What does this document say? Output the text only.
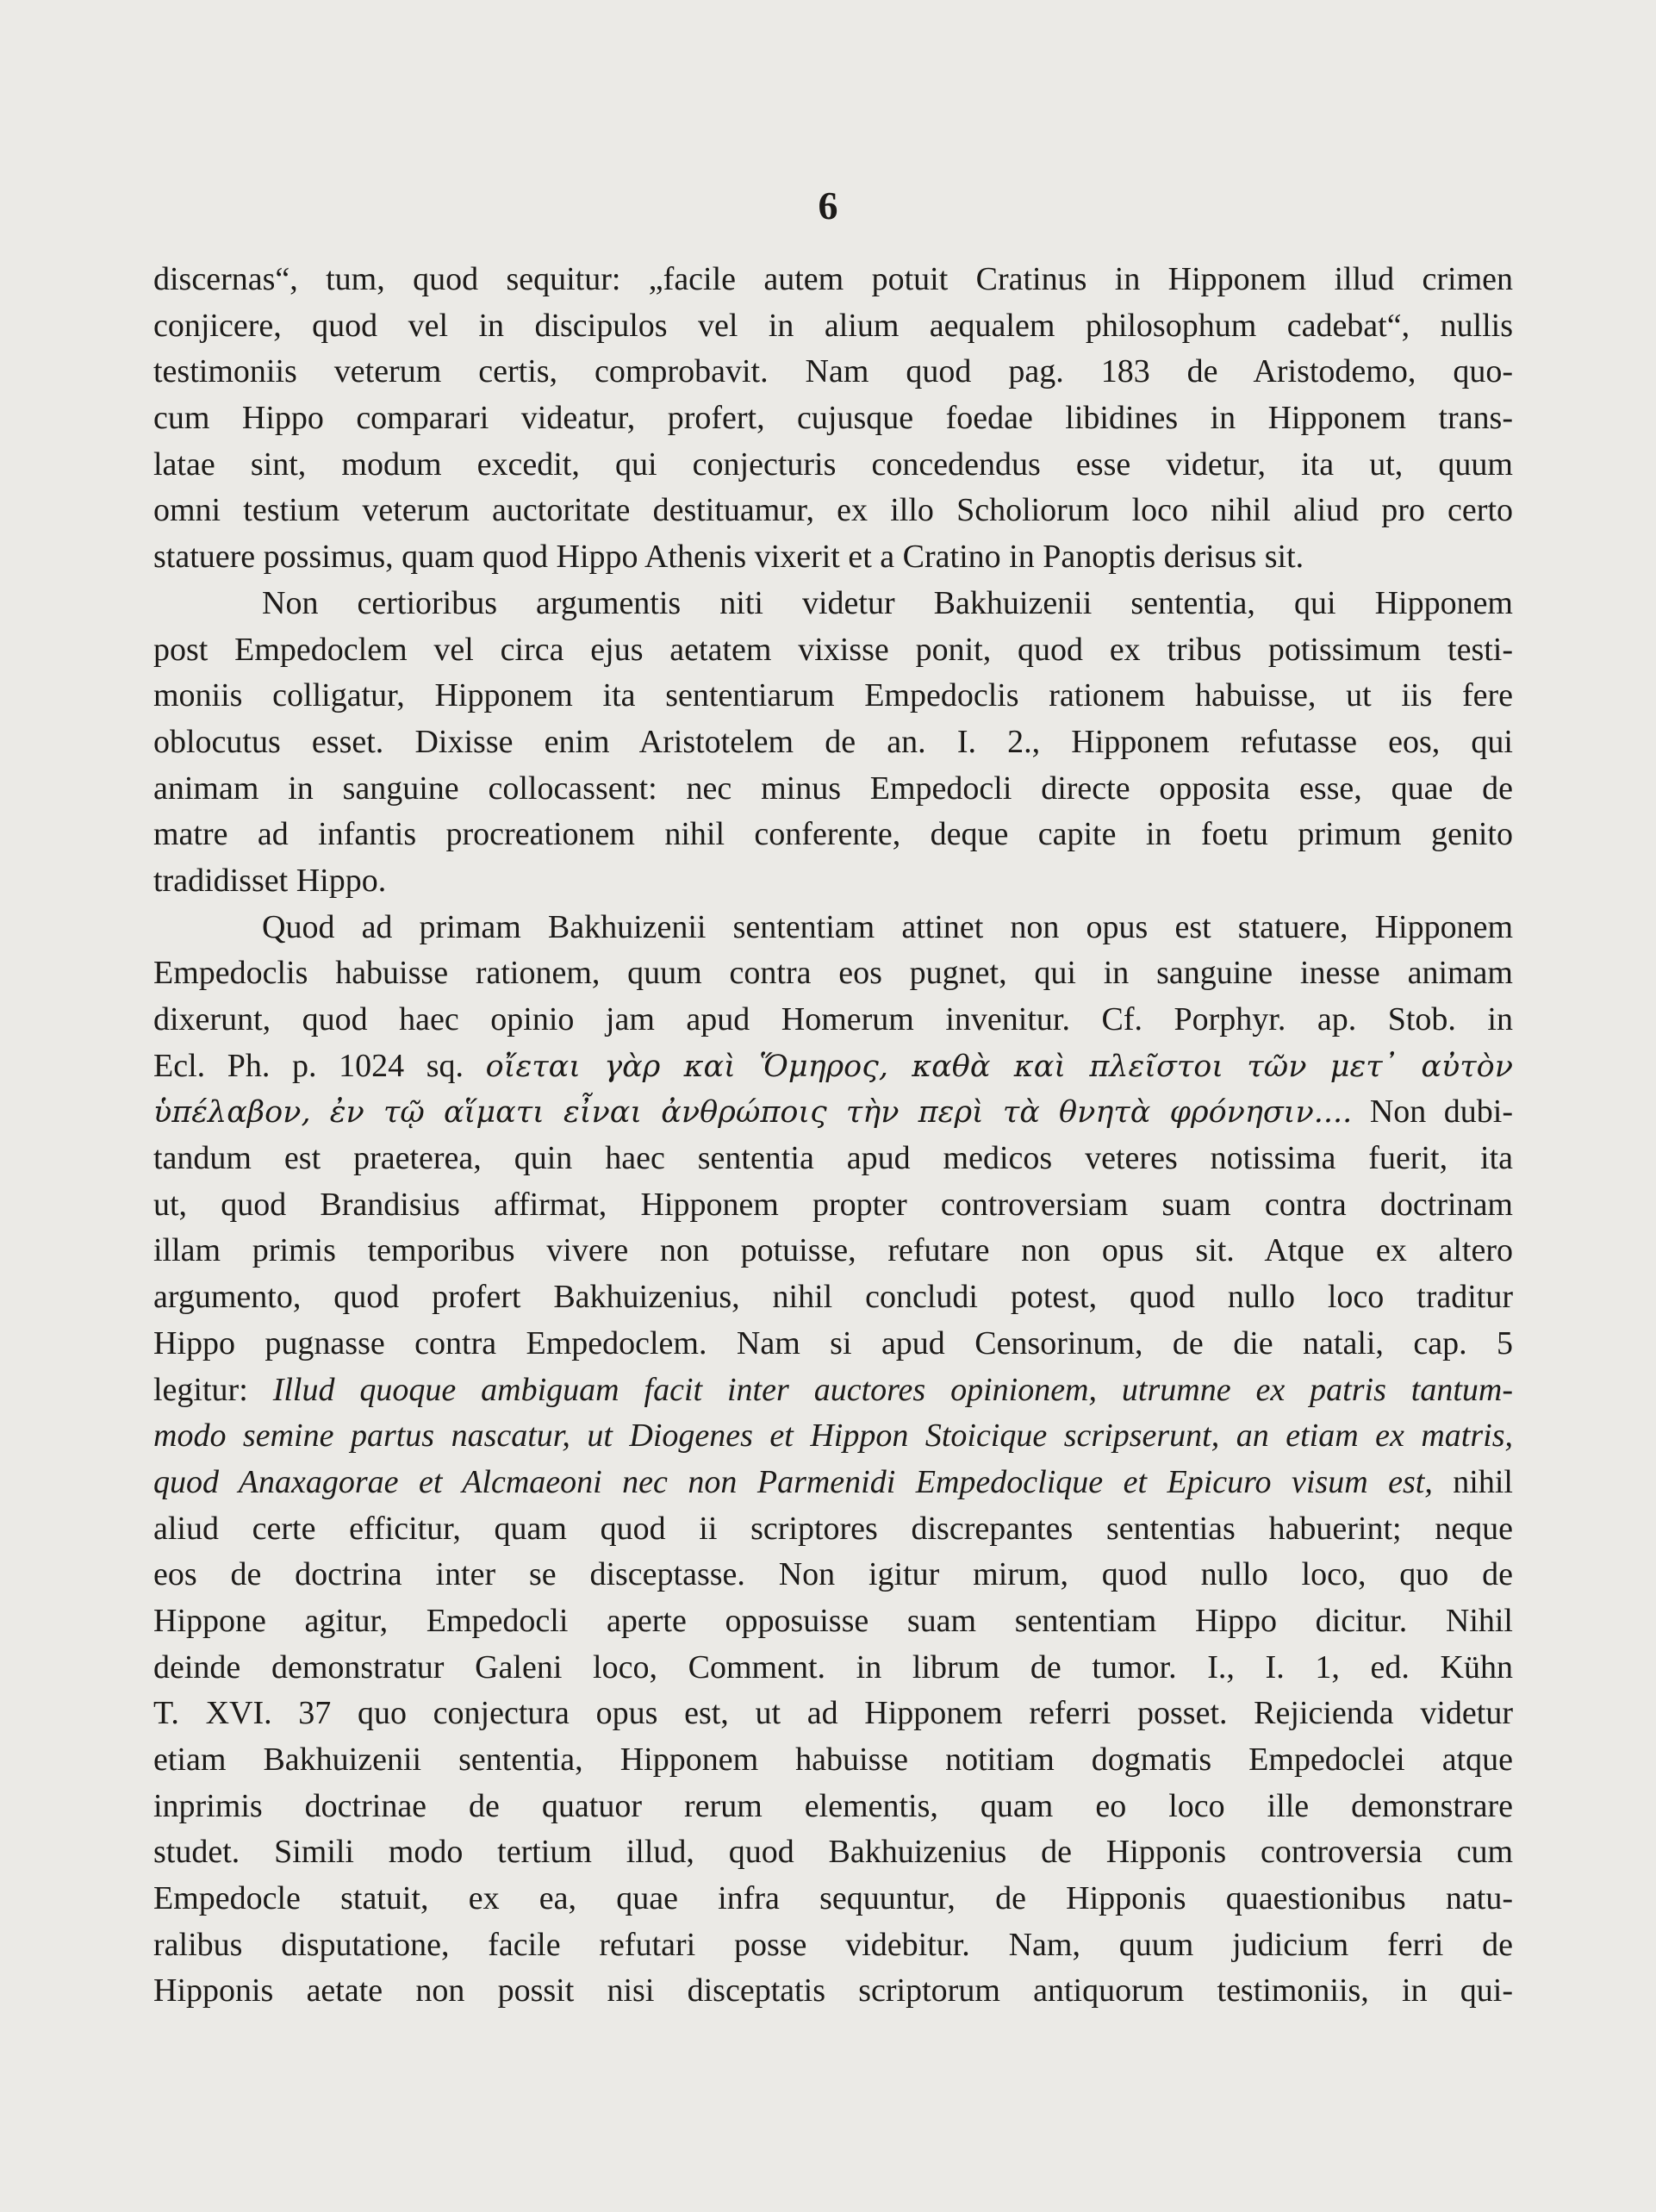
6
discernas“, tum, quod sequitur: „facile autem potuit Cratinus in Hipponem illud crimen
conjicere, quod vel in discipulos vel in alium aequalem philosophum cadebat“, nullis
testimoniis veterum certis, comprobavit. Nam quod pag. 183 de Aristodemo, quo-
cum Hippo comparari videatur, profert, cujusque foedae libidines in Hipponem trans-
latae sint, modum excedit, qui conjecturis concedendus esse videtur, ita ut, quum
omni testium veterum auctoritate destituamur, ex illo Scholiorum loco nihil aliud pro certo
statuere possimus, quam quod Hippo Athenis vixerit et a Cratino in Panoptis derisus sit.
Non certioribus argumentis niti videtur Bakhuizenii sententia, qui Hipponem
post Empedoclem vel circa ejus aetatem vixisse ponit, quod ex tribus potissimum testi-
moniis colligatur, Hipponem ita sententiarum Empedoclis rationem habuisse, ut iis fere
oblocutus esset. Dixisse enim Aristotelem de an. I. 2., Hipponem refutasse eos, qui
animam in sanguine collocassent: nec minus Empedocli directe opposita esse, quae de
matre ad infantis procreationem nihil conferente, deque capite in foetu primum genito
tradidisset Hippo.
Quod ad primam Bakhuizenii sententiam attinet non opus est statuere, Hipponem
Empedoclis habuisse rationem, quum contra eos pugnet, qui in sanguine inesse animam
dixerunt, quod haec opinio jam apud Homerum invenitur. Cf. Porphyr. ap. Stob. in
Ecl. Ph. p. 1024 sq. οἴεται γὰρ καὶ Ὅμηρος, καθὰ καὶ πλεῖστοι τῶν μετ᾽ αὐτὸν
ὑπέλαβον, ἐν τῷ αἵματι εἶναι ἀνθρώποις τὴν περὶ τὰ θνητὰ φρόνησιν.... Non dubi-
tandum est praeterea, quin haec sententia apud medicos veteres notissima fuerit, ita
ut, quod Brandisius affirmat, Hipponem propter controversiam suam contra doctrinam
illam primis temporibus vivere non potuisse, refutare non opus sit. Atque ex altero
argumento, quod profert Bakhuizenius, nihil concludi potest, quod nullo loco traditur
Hippo pugnasse contra Empedoclem. Nam si apud Censorinum, de die natali, cap. 5
legitur: Illud quoque ambiguam facit inter auctores opinionem, utrumne ex patris tantum-
modo semine partus nascatur, ut Diogenes et Hippon Stoicique scripserunt, an etiam ex matris,
quod Anaxagorae et Alcmaeoni nec non Parmenidi Empedoclique et Epicuro visum est, nihil
aliud certe efficitur, quam quod ii scriptores discrepantes sententias habuerint; neque
eos de doctrina inter se disceptasse. Non igitur mirum, quod nullo loco, quo de
Hippone agitur, Empedocli aperte opposuisse suam sententiam Hippo dicitur. Nihil
deinde demonstratur Galeni loco, Comment. in librum de tumor. I., I. 1, ed. Kühn
T. XVI. 37 quo conjectura opus est, ut ad Hipponem referri posset. Rejicienda videtur
etiam Bakhuizenii sententia, Hipponem habuisse notitiam dogmatis Empedoclei atque
inprimis doctrinae de quatuor rerum elementis, quam eo loco ille demonstrare
studet. Simili modo tertium illud, quod Bakhuizenius de Hipponis controversia cum
Empedocle statuit, ex ea, quae infra sequuntur, de Hipponis quaestionibus natu-
ralibus disputatione, facile refutari posse videbitur. Nam, quum judicium ferri de
Hipponis aetate non possit nisi disceptatis scriptorum antiquorum testimoniis, in qui-
